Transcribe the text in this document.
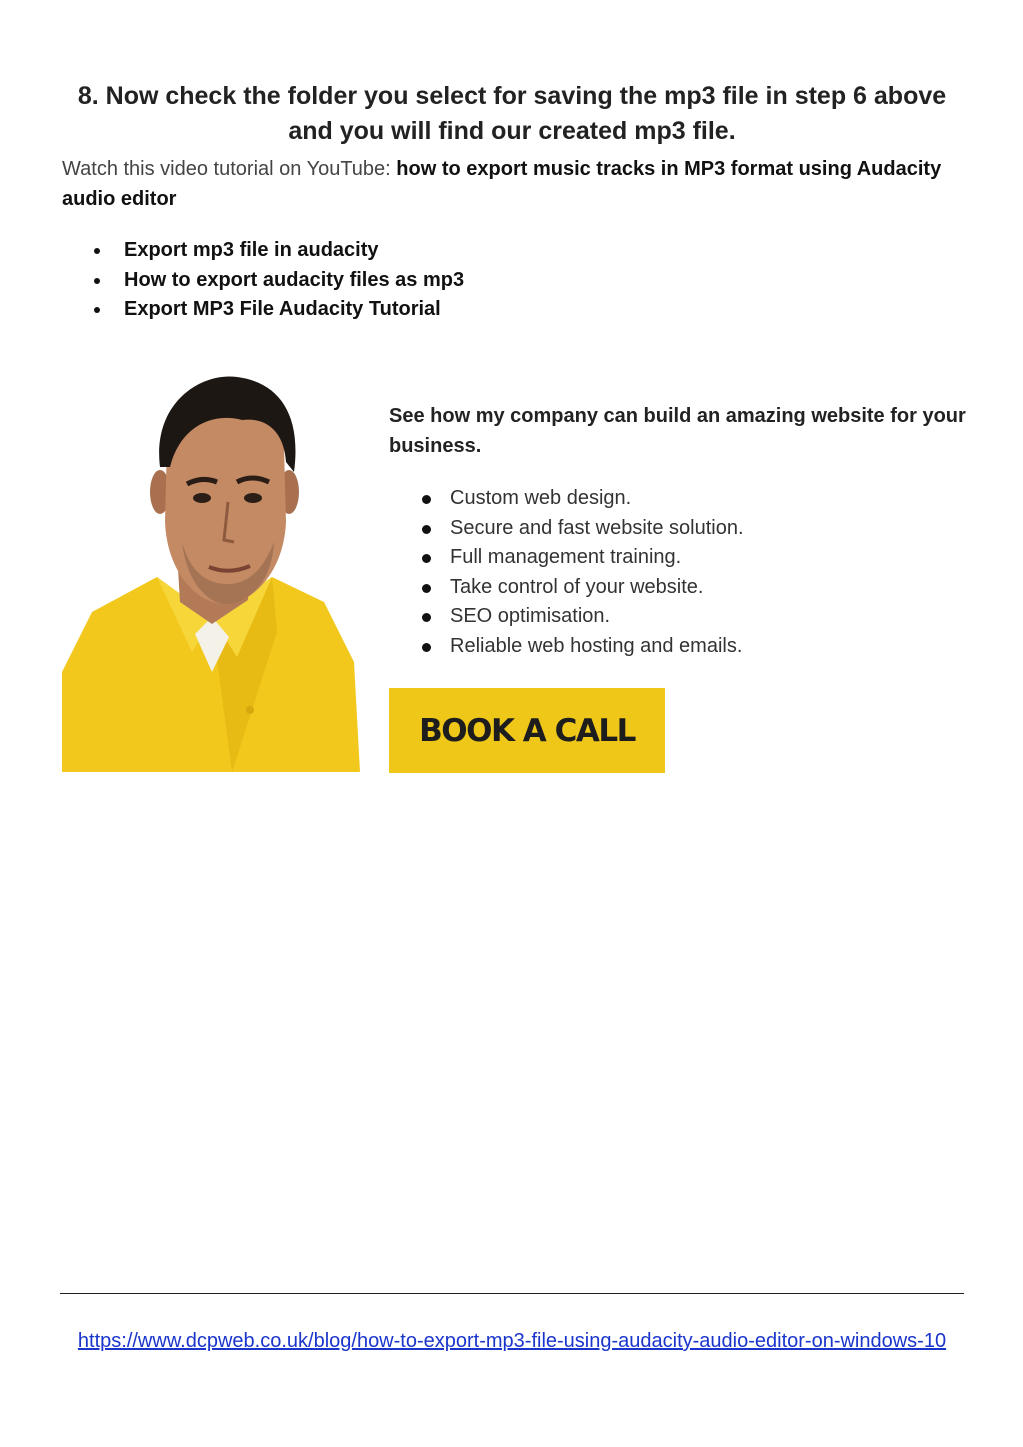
8. Now check the folder you select for saving the mp3 file in step 6 above and you will find our created mp3 file.

Watch this video tutorial on YouTube: how to export music tracks in MP3 format using Audacity audio editor

Export mp3 file in audacity
How to export audacity files as mp3
Export MP3 File Audacity Tutorial

See how my company can build an amazing website for your business.

Custom web design.
Secure and fast website solution.
Full management training.
Take control of your website.
SEO optimisation.
Reliable web hosting and emails.
BOOK A CALL
https://www.dcpweb.co.uk/blog/how-to-export-mp3-file-using-audacity-audio-editor-on-windows-10
